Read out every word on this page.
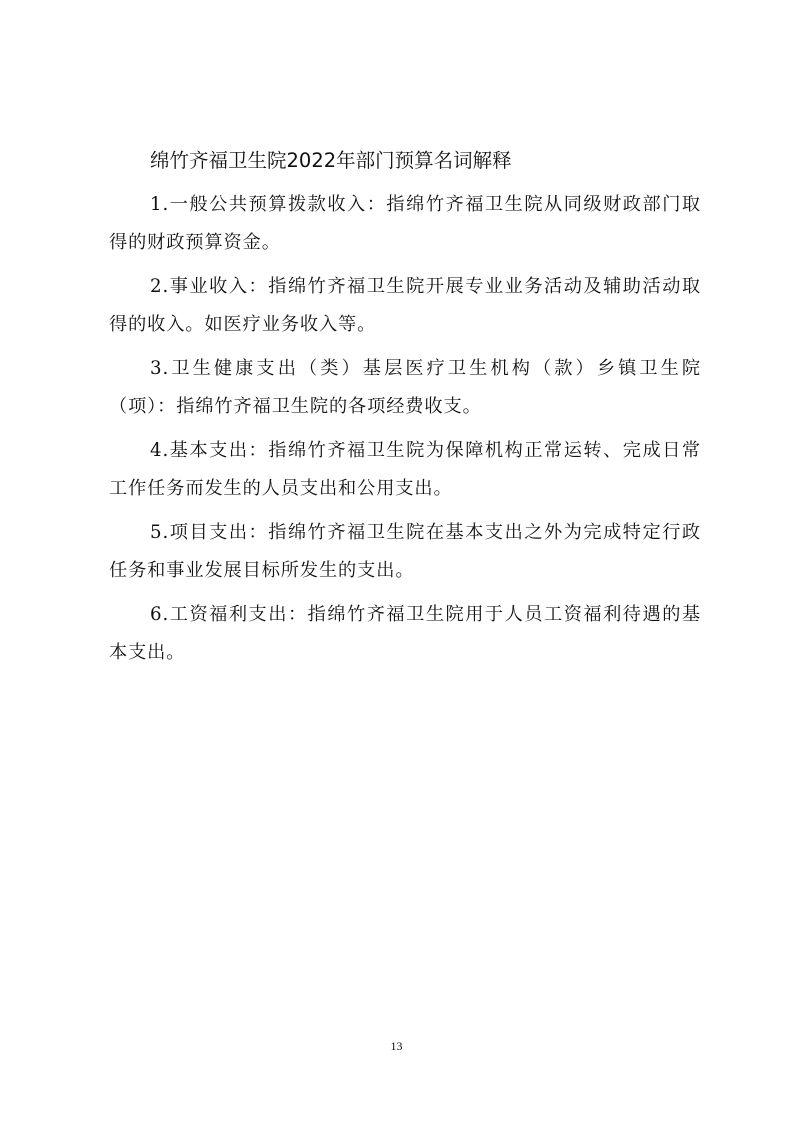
绵竹齐福卫生院2022年部门预算名词解释
1.一般公共预算拨款收入：指绵竹齐福卫生院从同级财政部门取得的财政预算资金。
2.事业收入：指绵竹齐福卫生院开展专业业务活动及辅助活动取得的收入。如医疗业务收入等。
3.卫生健康支出（类）基层医疗卫生机构（款）乡镇卫生院（项）：指绵竹齐福卫生院的各项经费收支。
4.基本支出：指绵竹齐福卫生院为保障机构正常运转、完成日常工作任务而发生的人员支出和公用支出。
5.项目支出：指绵竹齐福卫生院在基本支出之外为完成特定行政任务和事业发展目标所发生的支出。
6.工资福利支出：指绵竹齐福卫生院用于人员工资福利待遇的基本支出。
13
